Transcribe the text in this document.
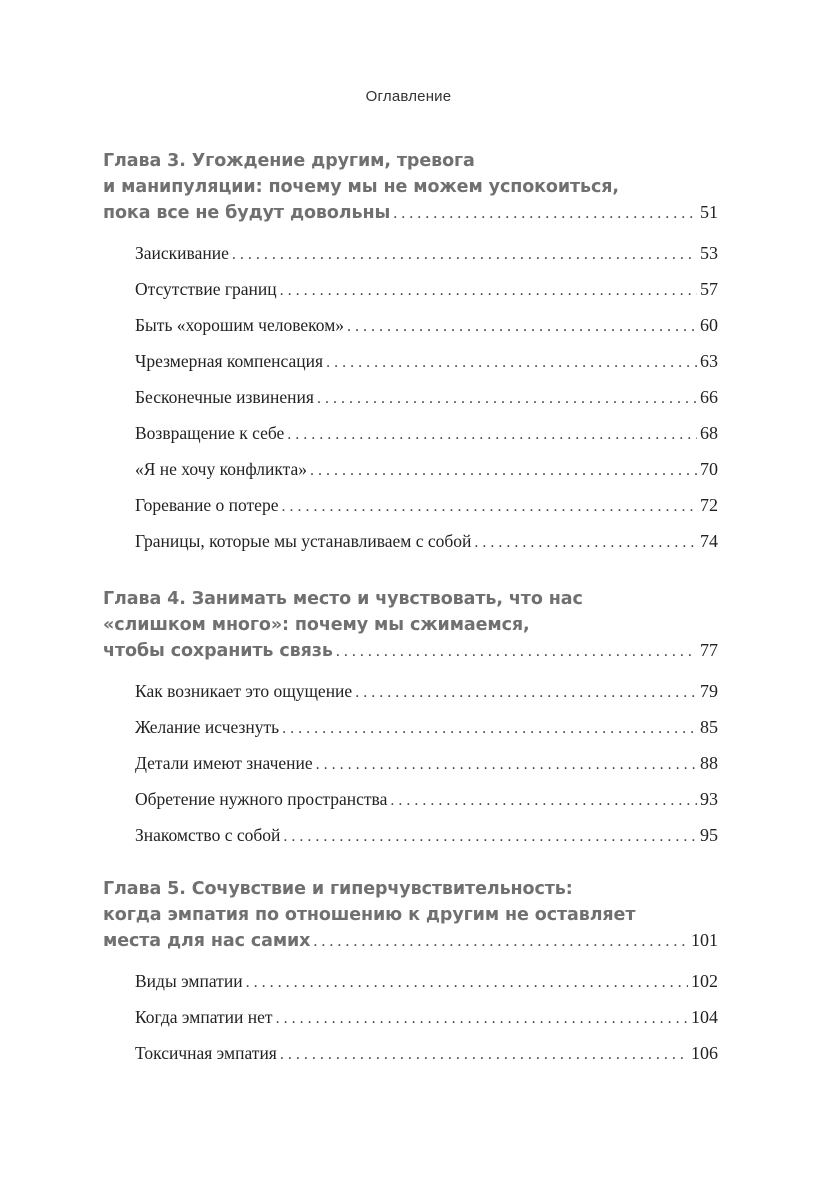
Оглавление
Глава 3. Угождение другим, тревога
и манипуляции: почему мы не можем успокоиться,
пока все не будут довольны . . .	51
Заискивание . . .	53
Отсутствие границ . . .	57
Быть «хорошим человеком» . . .	60
Чрезмерная компенсация . . .	63
Бесконечные извинения . . .	66
Возвращение к себе . . .	68
«Я не хочу конфликта» . . .	70
Горевание о потере . . .	72
Границы, которые мы устанавливаем с собой . . .	74
Глава 4. Занимать место и чувствовать, что нас
«слишком много»: почему мы сжимаемся,
чтобы сохранить связь . . .	77
Как возникает это ощущение . . .	79
Желание исчезнуть . . .	85
Детали имеют значение . . .	88
Обретение нужного пространства . . .	93
Знакомство с собой . . .	95
Глава 5. Сочувствие и гиперчувствительность:
когда эмпатия по отношению к другим не оставляет
места для нас самих . . .	101
Виды эмпатии . . .	102
Когда эмпатии нет . . .	104
Токсичная эмпатия . . .	106
